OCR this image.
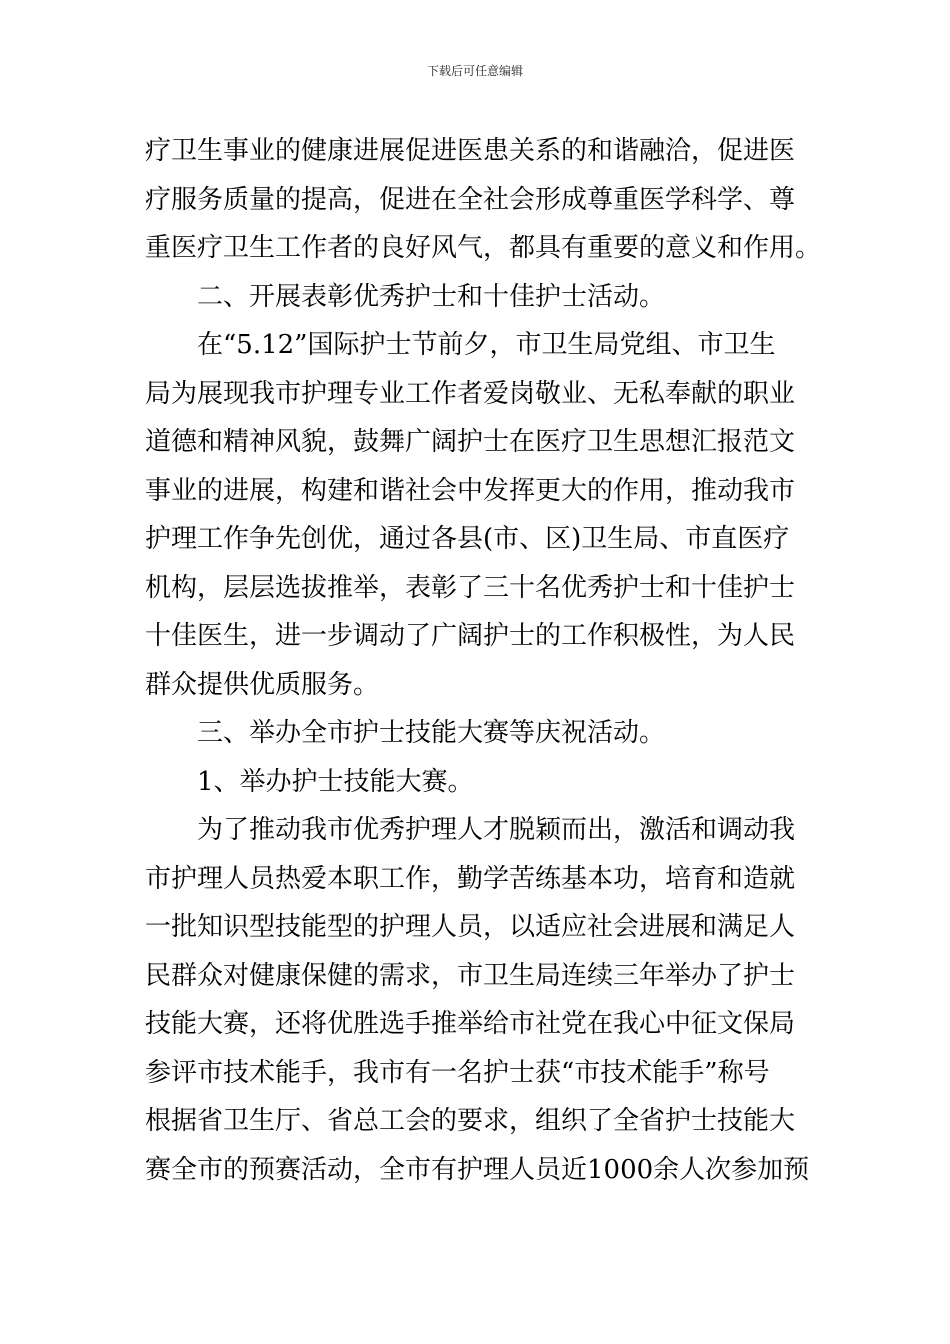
下载后可任意编辑
疗卫生事业的健康进展促进医患关系的和谐融洽，促进医
疗服务质量的提高，促进在全社会形成尊重医学科学、尊
重医疗卫生工作者的良好风气，都具有重要的意义和作用。
二、开展表彰优秀护士和十佳护士活动。
在“5.12”国际护士节前夕，市卫生局党组、市卫生
局为展现我市护理专业工作者爱岗敬业、无私奉献的职业
道德和精神风貌，鼓舞广阔护士在医疗卫生思想汇报范文
事业的进展，构建和谐社会中发挥更大的作用，推动我市
护理工作争先创优，通过各县(市、区)卫生局、市直医疗
机构，层层选拔推举，表彰了三十名优秀护士和十佳护士
十佳医生，进一步调动了广阔护士的工作积极性，为人民
群众提供优质服务。
三、举办全市护士技能大赛等庆祝活动。
1、举办护士技能大赛。
为了推动我市优秀护理人才脱颖而出，激活和调动我
市护理人员热爱本职工作，勤学苦练基本功，培育和造就
一批知识型技能型的护理人员，以适应社会进展和满足人
民群众对健康保健的需求，市卫生局连续三年举办了护士
技能大赛，还将优胜选手推举给市社党在我心中征文保局
参评市技术能手，我市有一名护士获“市技术能手”称号
根据省卫生厅、省总工会的要求，组织了全省护士技能大
赛全市的预赛活动，全市有护理人员近1000余人次参加预
